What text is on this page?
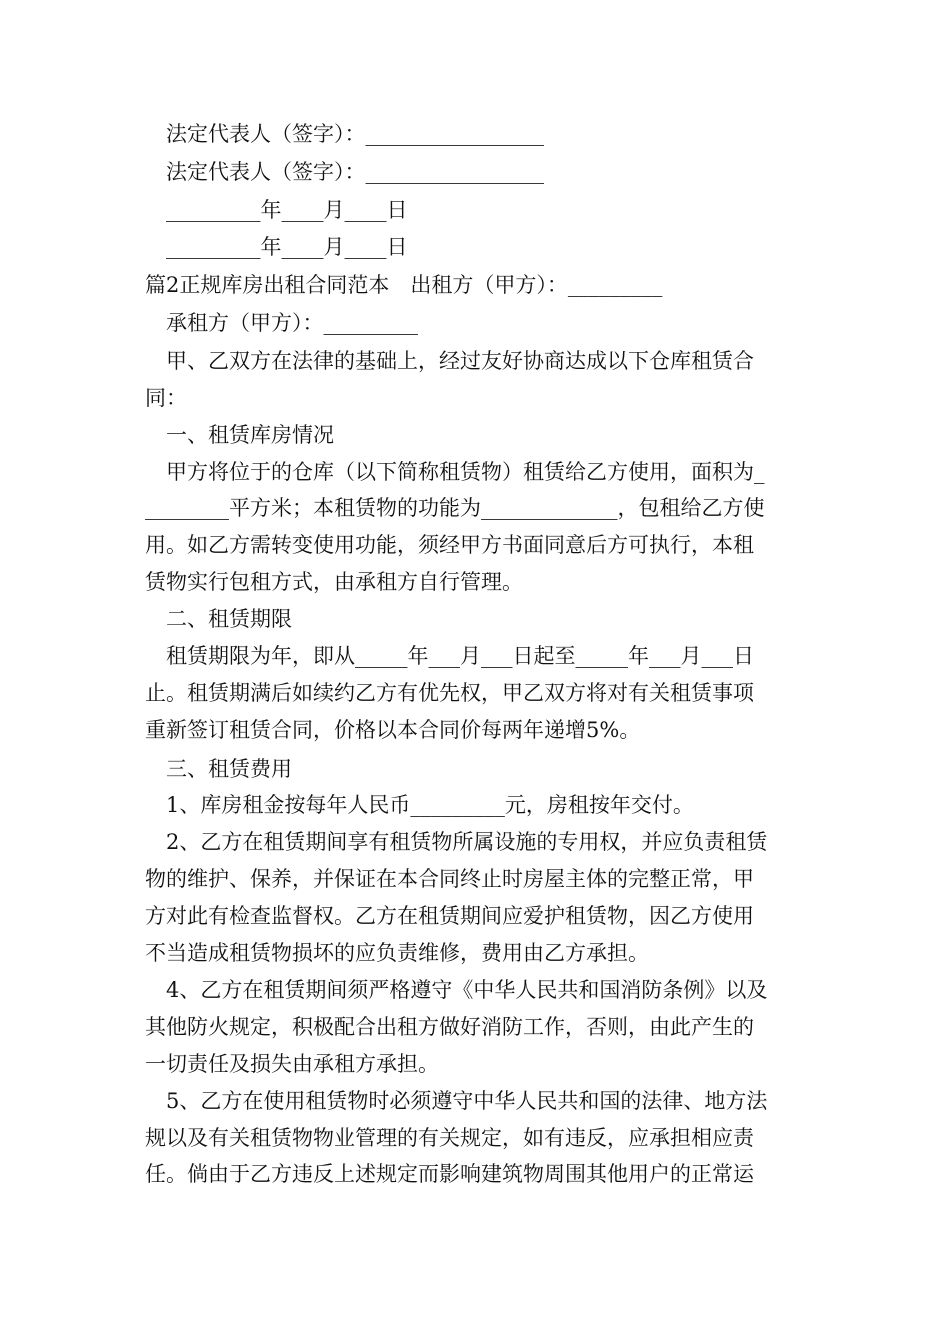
　法定代表人（签字）：_________________
　法定代表人（签字）：_________________
　_________年____月____日
　_________年____月____日
篇2正规库房出租合同范本　出租方（甲方）：_________
　承租方（甲方）：_________
　甲、乙双方在法律的基础上，经过友好协商达成以下仓库租赁合
同：
　一、租赁库房情况
　甲方将位于的仓库（以下简称租赁物）租赁给乙方使用，面积为_
________平方米；本租赁物的功能为_____________，包租给乙方使
用。如乙方需转变使用功能，须经甲方书面同意后方可执行，本租
赁物实行包租方式，由承租方自行管理。
　二、租赁期限
　租赁期限为年，即从_____年___月___日起至_____年___月___日
止。租赁期满后如续约乙方有优先权，甲乙双方将对有关租赁事项
重新签订租赁合同，价格以本合同价每两年递增5%。
　三、租赁费用
　1、库房租金按每年人民币_________元，房租按年交付。
　2、乙方在租赁期间享有租赁物所属设施的专用权，并应负责租赁
物的维护、保养，并保证在本合同终止时房屋主体的完整正常，甲
方对此有检查监督权。乙方在租赁期间应爱护租赁物，因乙方使用
不当造成租赁物损坏的应负责维修，费用由乙方承担。
　4、乙方在租赁期间须严格遵守《中华人民共和国消防条例》以及
其他防火规定，积极配合出租方做好消防工作，否则，由此产生的
一切责任及损失由承租方承担。
　5、乙方在使用租赁物时必须遵守中华人民共和国的法律、地方法
规以及有关租赁物物业管理的有关规定，如有违反，应承担相应责
任。倘由于乙方违反上述规定而影响建筑物周围其他用户的正常运
